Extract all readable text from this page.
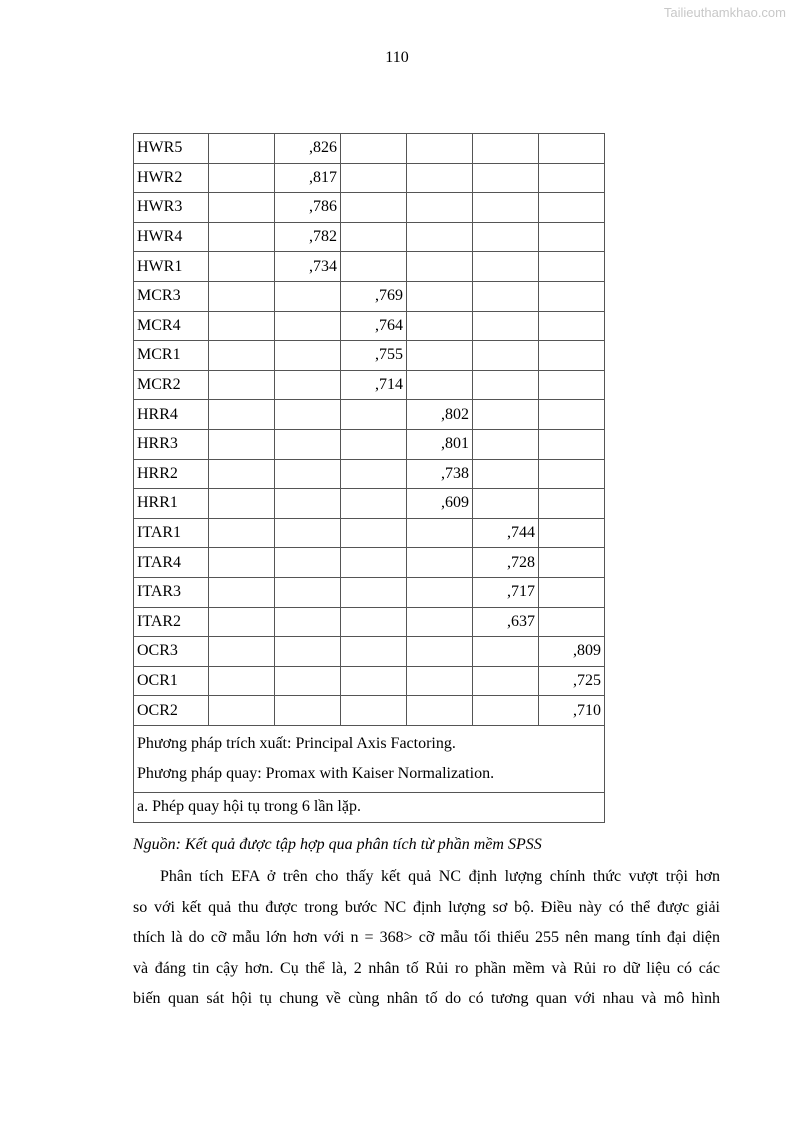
Tailieuthamkhao.com
110
HWR5		,826				
HWR2		,817				
HWR3		,786				
HWR4		,782				
HWR1		,734				
MCR3			,769			
MCR4			,764			
MCR1			,755			
MCR2			,714			
HRR4				,802		
HRR3				,801		
HRR2				,738		
HRR1				,609		
ITAR1					,744	
ITAR4					,728	
ITAR3					,717	
ITAR2					,637	
OCR3						,809
OCR1						,725
OCR2						,710

Phương pháp trích xuất: Principal Axis Factoring.
Phương pháp quay: Promax with Kaiser Normalization.						

a. Phép quay hội tụ trong 6 lần lặp.						
Nguồn: Kết quả được tập hợp qua phân tích từ phần mềm SPSS
Phân tích EFA ở trên cho thấy kết quả NC định lượng chính thức vượt trội hơn
so với kết quả thu được trong bước NC định lượng sơ bộ. Điều này có thể được giải
thích là do cỡ mẫu lớn hơn với n = 368> cỡ mẫu tối thiểu 255 nên mang tính đại diện
và đáng tin cậy hơn. Cụ thể là, 2 nhân tố Rủi ro phần mềm và Rủi ro dữ liệu có các
biến quan sát hội tụ chung về cùng nhân tố do có tương quan với nhau và mô hình
